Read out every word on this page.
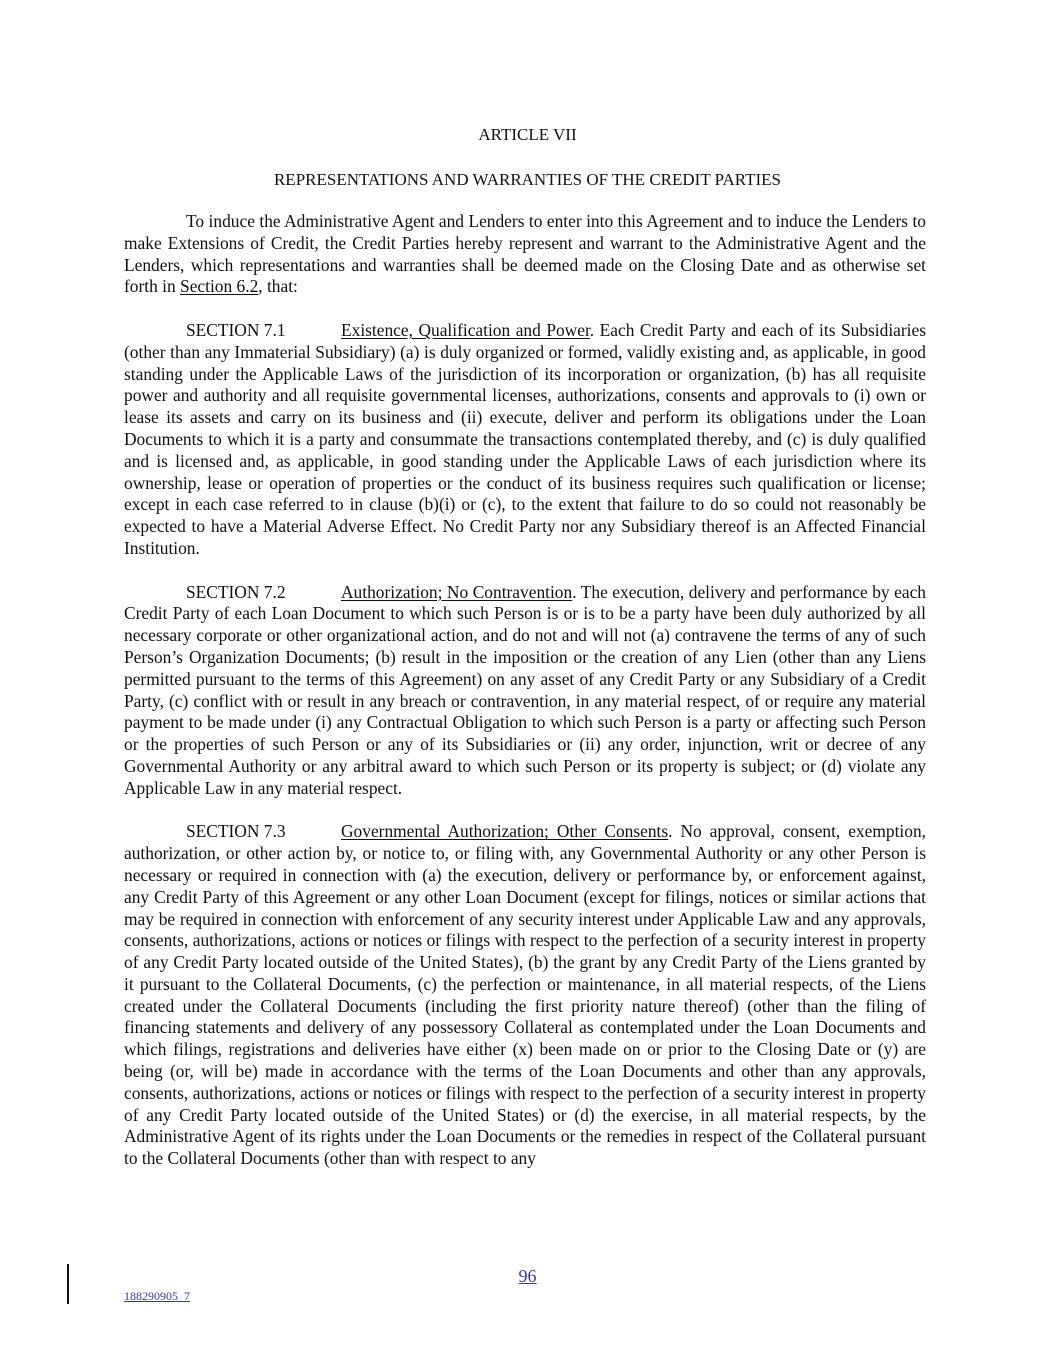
ARTICLE VII
REPRESENTATIONS AND WARRANTIES OF THE CREDIT PARTIES

To induce the Administrative Agent and Lenders to enter into this Agreement and to induce the Lenders to make Extensions of Credit, the Credit Parties hereby represent and warrant to the Administrative Agent and the Lenders, which representations and warranties shall be deemed made on the Closing Date and as otherwise set forth in Section 6.2, that:

SECTION 7.1	Existence, Qualification and Power. Each Credit Party and each of its Subsidiaries (other than any Immaterial Subsidiary) (a) is duly organized or formed, validly existing and, as applicable, in good standing under the Applicable Laws of the jurisdiction of its incorporation or organization, (b) has all requisite power and authority and all requisite governmental licenses, authorizations, consents and approvals to (i) own or lease its assets and carry on its business and (ii) execute, deliver and perform its obligations under the Loan Documents to which it is a party and consummate the transactions contemplated thereby, and (c) is duly qualified and is licensed and, as applicable, in good standing under the Applicable Laws of each jurisdiction where its ownership, lease or operation of properties or the conduct of its business requires such qualification or license; except in each case referred to in clause (b)(i) or (c), to the extent that failure to do so could not reasonably be expected to have a Material Adverse Effect. No Credit Party nor any Subsidiary thereof is an Affected Financial Institution.

SECTION 7.2	Authorization; No Contravention. The execution, delivery and performance by each Credit Party of each Loan Document to which such Person is or is to be a party have been duly authorized by all necessary corporate or other organizational action, and do not and will not (a) contravene the terms of any of such Person’s Organization Documents; (b) result in the imposition or the creation of any Lien (other than any Liens permitted pursuant to the terms of this Agreement) on any asset of any Credit Party or any Subsidiary of a Credit Party, (c) conflict with or result in any breach or contravention, in any material respect, of or require any material payment to be made under (i) any Contractual Obligation to which such Person is a party or affecting such Person or the properties of such Person or any of its Subsidiaries or (ii) any order, injunction, writ or decree of any Governmental Authority or any arbitral award to which such Person or its property is subject; or (d) violate any Applicable Law in any material respect.

SECTION 7.3	Governmental Authorization; Other Consents. No approval, consent, exemption, authorization, or other action by, or notice to, or filing with, any Governmental Authority or any other Person is necessary or required in connection with (a) the execution, delivery or performance by, or enforcement against, any Credit Party of this Agreement or any other Loan Document (except for filings, notices or similar actions that may be required in connection with enforcement of any security interest under Applicable Law and any approvals, consents, authorizations, actions or notices or filings with respect to the perfection of a security interest in property of any Credit Party located outside of the United States), (b) the grant by any Credit Party of the Liens granted by it pursuant to the Collateral Documents, (c) the perfection or maintenance, in all material respects, of the Liens created under the Collateral Documents (including the first priority nature thereof) (other than the filing of financing statements and delivery of any possessory Collateral as contemplated under the Loan Documents and which filings, registrations and deliveries have either (x) been made on or prior to the Closing Date or (y) are being (or, will be) made in accordance with the terms of the Loan Documents and other than any approvals, consents, authorizations, actions or notices or filings with respect to the perfection of a security interest in property of any Credit Party located outside of the United States) or (d) the exercise, in all material respects, by the Administrative Agent of its rights under the Loan Documents or the remedies in respect of the Collateral pursuant to the Collateral Documents (other than with respect to any

96
188290905_7
